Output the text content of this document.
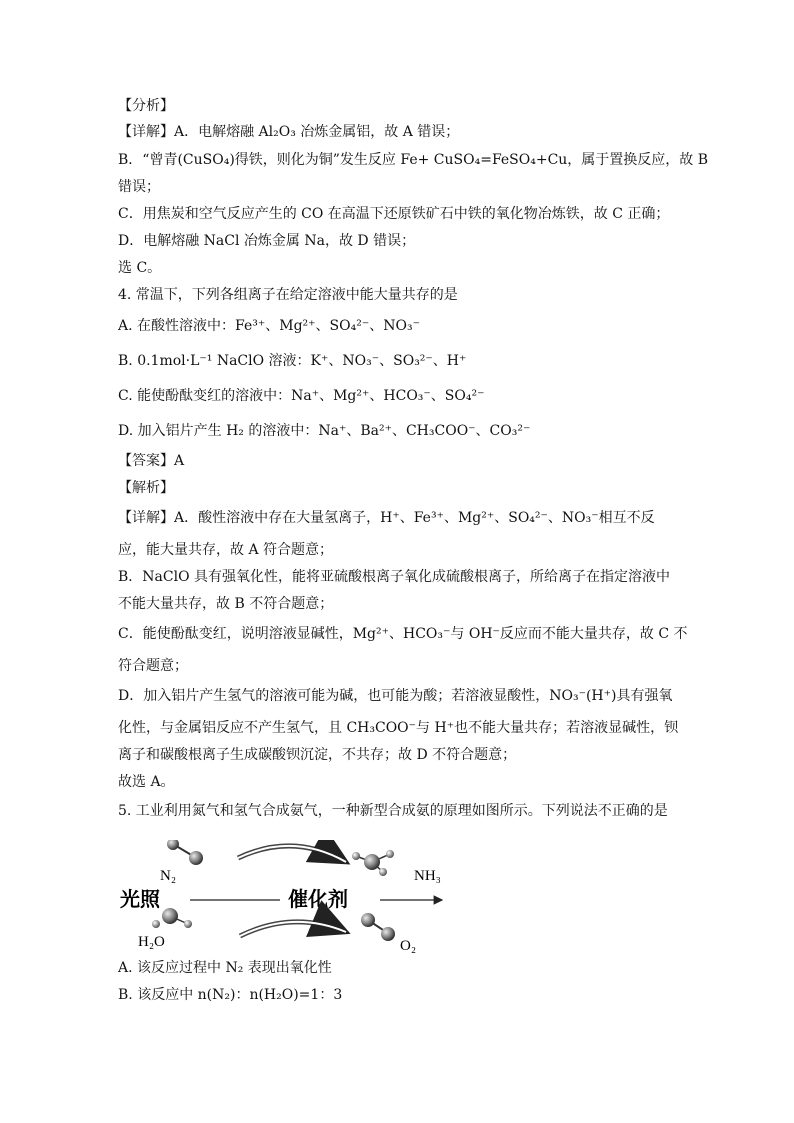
【分析】
【详解】A．电解熔融 Al₂O₃ 冶炼金属铝，故 A 错误；
B．“曾青(CuSO₄)得铁，则化为铜”发生反应 Fe+ CuSO₄=FeSO₄+Cu，属于置换反应，故 B
错误；
C．用焦炭和空气反应产生的 CO 在高温下还原铁矿石中铁的氧化物冶炼铁，故 C 正确；
D．电解熔融 NaCl 冶炼金属 Na，故 D 错误；
选 C。
4. 常温下，下列各组离子在给定溶液中能大量共存的是
A. 在酸性溶液中：Fe³⁺、Mg²⁺、SO₄²⁻、NO₃⁻
B. 0.1mol·L⁻¹ NaClO 溶液：K⁺、NO₃⁻、SO₃²⁻、H⁺
C. 能使酚酞变红的溶液中：Na⁺、Mg²⁺、HCO₃⁻、SO₄²⁻
D. 加入铝片产生 H₂ 的溶液中：Na⁺、Ba²⁺、CH₃COO⁻、CO₃²⁻
【答案】A
【解析】
【详解】A．酸性溶液中存在大量氢离子，H⁺、Fe³⁺、Mg²⁺、SO₄²⁻、NO₃⁻相互不反
应，能大量共存，故 A 符合题意；
B．NaClO 具有强氧化性，能将亚硫酸根离子氧化成硫酸根离子，所给离子在指定溶液中
不能大量共存，故 B 不符合题意；
C．能使酚酞变红，说明溶液显碱性，Mg²⁺、HCO₃⁻与 OH⁻反应而不能大量共存，故 C 不
符合题意；
D．加入铝片产生氢气的溶液可能为碱，也可能为酸；若溶液显酸性，NO₃⁻(H⁺)具有强氧
化性，与金属铝反应不产生氢气，且 CH₃COO⁻与 H⁺也不能大量共存；若溶液显碱性，钡
离子和碳酸根离子生成碳酸钡沉淀，不共存；故 D 不符合题意；
故选 A。
5. 工业利用氮气和氢气合成氨气，一种新型合成氨的原理如图所示。下列说法不正确的是
N₂	NH₃
光照	催化剂
H₂O	O₂
A. 该反应过程中 N₂ 表现出氧化性
B. 该反应中 n(N₂)：n(H₂O)=1：3
